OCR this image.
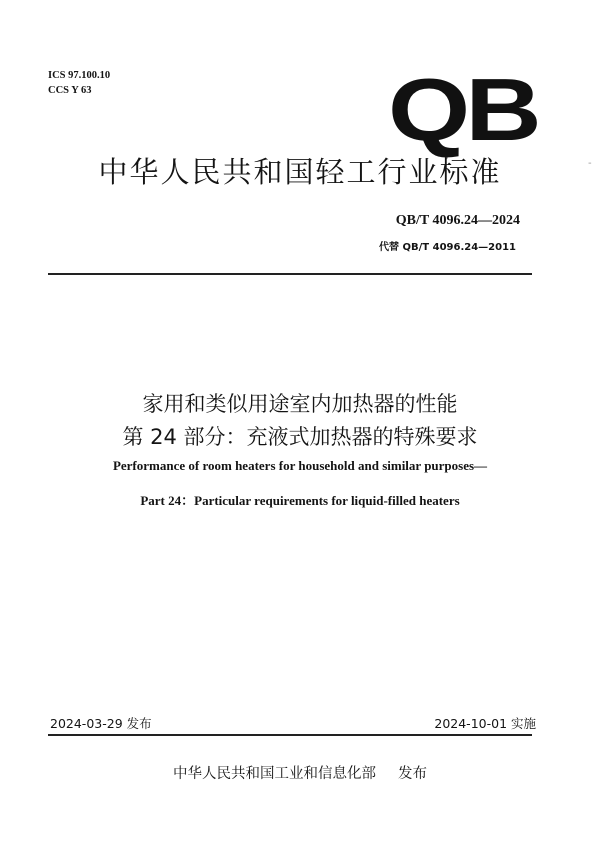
ICS 97.100.10
CCS Y 63	QB
中华人民共和国轻工行业标准	-
QB/T 4096.24—2024
代替 QB/T 4096.24—2011
家用和类似用途室内加热器的性能
第 24 部分：充液式加热器的特殊要求
Performance of room heaters for household and similar purposes—
Part 24：Particular requirements for liquid-filled heaters
2024-03-29 发布	2024-10-01 实施
中华人民共和国工业和信息化部 发布
